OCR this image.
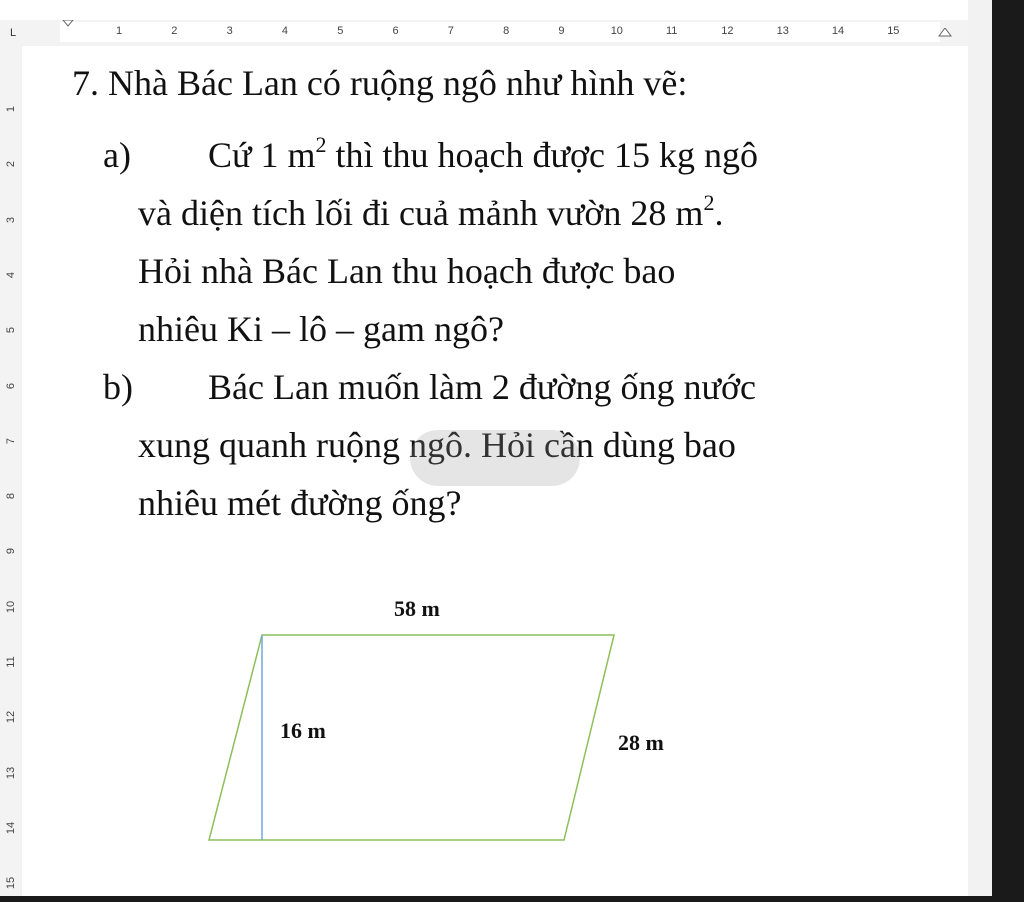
L	1	2	3	4	5	6	7	8	9	10	11	12	13	14	15
1
2
3
4
5
6
7
8
9
10
11
12
13
14
15
7. Nhà Bác Lan có ruộng ngô như hình vẽ:
a) Cứ 1 $m^2$ thì thu hoạch được 15 kg ngô
và diện tích lối đi cuả mảnh vườn 28 $m^2$.
Hỏi nhà Bác Lan thu hoạch được bao
nhiêu Ki – lô – gam ngô?
b) Bác Lan muốn làm 2 đường ống nước
xung quanh ruộng ngô. Hỏi cần dùng bao
nhiêu mét đường ống?
58 m
16 m	28 m
